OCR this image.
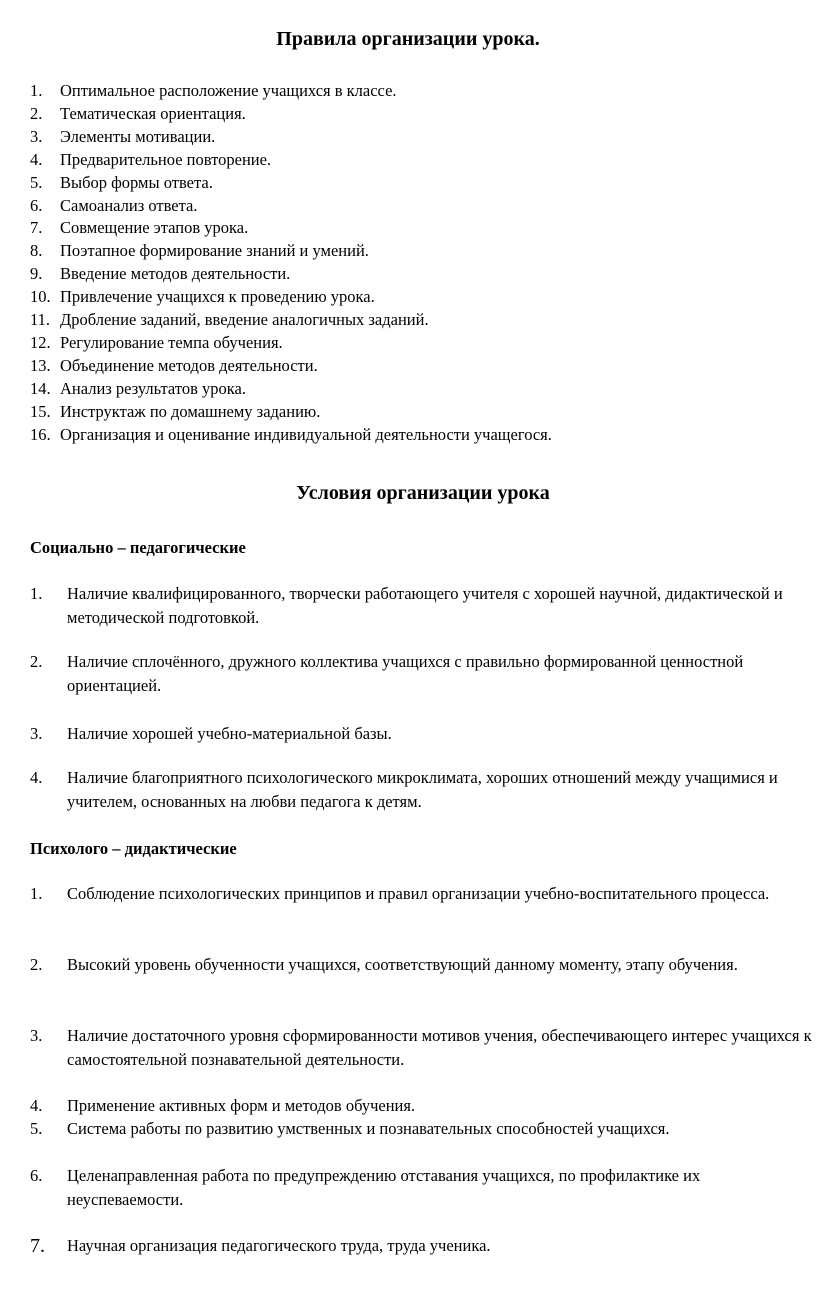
Правила организации урока.
1.	Оптимальное расположение учащихся в классе.
2.	Тематическая ориентация.
3.	Элементы мотивации.
4.	Предварительное повторение.
5.	Выбор формы ответа.
6.	Самоанализ ответа.
7.	Совмещение этапов урока.
8.	Поэтапное формирование знаний и умений.
9.	Введение методов деятельности.
10. Привлечение учащихся к проведению урока.
11. Дробление заданий, введение аналогичных заданий.
12. Регулирование темпа обучения.
13. Объединение методов деятельности.
14. Анализ результатов урока.
15. Инструктаж по домашнему заданию.
16. Организация и оценивание индивидуальной деятельности учащегося.
Условия организации урока

Социально – педагогические

1.	Наличие квалифицированного, творчески работающего учителя с хорошей научной, дидактической и методической подготовкой.
2.	Наличие сплочённого, дружного коллектива учащихся с правильно формированной ценностной ориентацией.
3.	Наличие хорошей учебно-материальной базы.
4.	Наличие благоприятного психологического микроклимата, хороших отношений между учащимися и учителем, основанных на любви педагога к детям.

Психолого – дидактические

1.	Соблюдение психологических принципов и правил организации учебно-воспитательного процесса.
2.	Высокий уровень обученности учащихся, соответствующий данному моменту, этапу обучения.
3.	Наличие достаточного уровня сформированности мотивов учения, обеспечивающего интерес учащихся к самостоятельной познавательной деятельности.
4.	Применение активных форм и методов обучения.
5.	Система работы по развитию умственных и познавательных способностей учащихся.
6.	Целенаправленная работа по предупреждению отставания учащихся, по профилактике их неуспеваемости.
7.	Научная организация педагогического труда, труда ученика.
